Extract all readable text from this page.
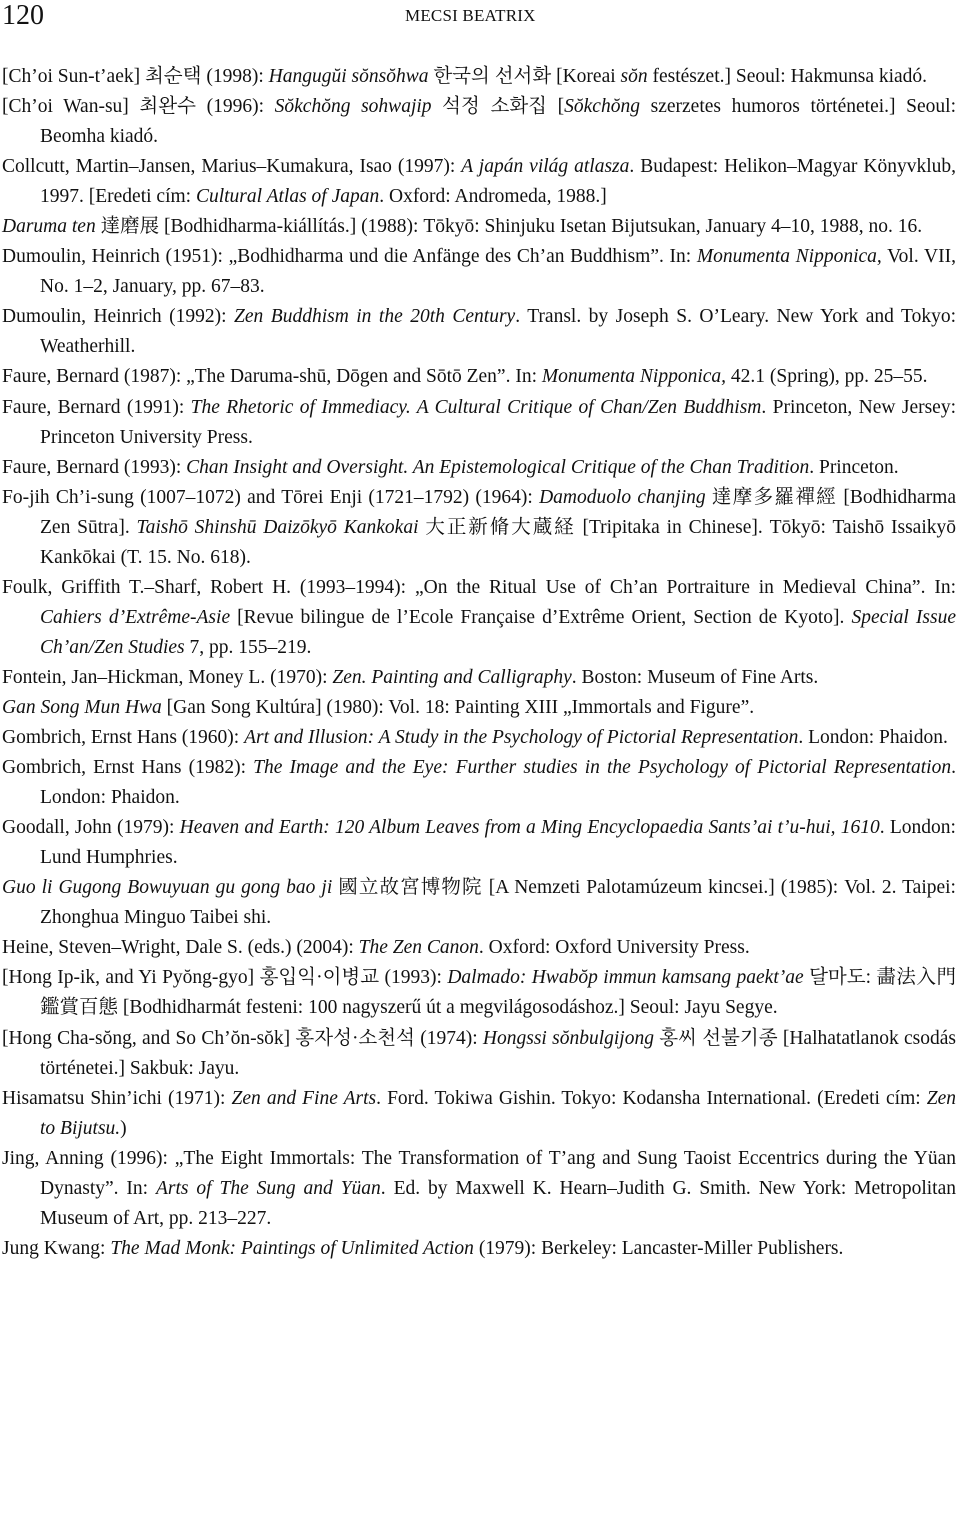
120	MECSI BEATRIX
[Ch’oi Sun-t’aek] 최순택 (1998): Hangugŭi sŏnsŏhwa 한국의 선서화 [Koreai sŏn festészet.] Seoul: Hakmunsa kiadó.
[Ch’oi Wan-su] 최완수 (1996): Sŏkchŏng sohwajip 석정 소화집 [Sŏkchŏng szerzetes humoros történetei.] Seoul: Beomha kiadó.
Collcutt, Martin–Jansen, Marius–Kumakura, Isao (1997): A japán világ atlasza. Budapest: Helikon–Magyar Könyvklub, 1997. [Eredeti cím: Cultural Atlas of Japan. Oxford: Andromeda, 1988.]
Daruma ten 達磨展 [Bodhidharma-kiállítás.] (1988): Tōkyō: Shinjuku Isetan Bijutsukan, January 4–10, 1988, no. 16.
Dumoulin, Heinrich (1951): „Bodhidharma und die Anfänge des Ch’an Buddhism”. In: Monumenta Nipponica, Vol. VII, No. 1–2, January, pp. 67–83.
Dumoulin, Heinrich (1992): Zen Buddhism in the 20th Century. Transl. by Joseph S. O’Leary. New York and Tokyo: Weatherhill.
Faure, Bernard (1987): „The Daruma-shū, Dōgen and Sōtō Zen”. In: Monumenta Nipponica, 42.1 (Spring), pp. 25–55.
Faure, Bernard (1991): The Rhetoric of Immediacy. A Cultural Critique of Chan/Zen Buddhism. Princeton, New Jersey: Princeton University Press.
Faure, Bernard (1993): Chan Insight and Oversight. An Epistemological Critique of the Chan Tradition. Princeton.
Fo-jih Ch’i-sung (1007–1072) and Tōrei Enji (1721–1792) (1964): Damoduolo chanjing 達摩多羅禪經 [Bodhidharma Zen Sūtra]. Taishō Shinshū Daizōkyō Kankokai 大正新脩大蔵経 [Tripitaka in Chinese]. Tōkyō: Taishō Issaikyō Kankōkai (T. 15. No. 618).
Foulk, Griffith T.–Sharf, Robert H. (1993–1994): „On the Ritual Use of Ch’an Portraiture in Medieval China”. In: Cahiers d’Extrême-Asie [Revue bilingue de l’Ecole Française d’Extrême Orient, Section de Kyoto]. Special Issue Ch’an/Zen Studies 7, pp. 155–219.
Fontein, Jan–Hickman, Money L. (1970): Zen. Painting and Calligraphy. Boston: Museum of Fine Arts.
Gan Song Mun Hwa [Gan Song Kultúra] (1980): Vol. 18: Painting XIII „Immortals and Figure”.
Gombrich, Ernst Hans (1960): Art and Illusion: A Study in the Psychology of Pictorial Representation. London: Phaidon.
Gombrich, Ernst Hans (1982): The Image and the Eye: Further studies in the Psychology of Pictorial Representation. London: Phaidon.
Goodall, John (1979): Heaven and Earth: 120 Album Leaves from a Ming Encyclopaedia Sants’ai t’u-hui, 1610. London: Lund Humphries.
Guo li Gugong Bowuyuan gu gong bao ji 國立故宮博物院 [A Nemzeti Palotamúzeum kincsei.] (1985): Vol. 2. Taipei: Zhonghua Minguo Taibei shi.
Heine, Steven–Wright, Dale S. (eds.) (2004): The Zen Canon. Oxford: Oxford University Press.
[Hong Ip-ik, and Yi Pyŏng-gyo] 홍입익·이병교 (1993): Dalmado: Hwabŏp immun kamsang paekt’ae 달마도: 畵法入門 鑑賞百態 [Bodhidharmát festeni: 100 nagyszerű út a megvilágosodáshoz.] Seoul: Jayu Segye.
[Hong Cha-sŏng, and So Ch’ŏn-sŏk] 홍자성·소천석 (1974): Hongssi sŏnbulgijong 홍씨 선불기종 [Halhatatlanok csodás történetei.] Sakbuk: Jayu.
Hisamatsu Shin’ichi (1971): Zen and Fine Arts. Ford. Tokiwa Gishin. Tokyo: Kodansha International. (Eredeti cím: Zen to Bijutsu.)
Jing, Anning (1996): „The Eight Immortals: The Transformation of T’ang and Sung Taoist Eccentrics during the Yüan Dynasty”. In: Arts of The Sung and Yüan. Ed. by Maxwell K. Hearn–Judith G. Smith. New York: Metropolitan Museum of Art, pp. 213–227.
Jung Kwang: The Mad Monk: Paintings of Unlimited Action (1979): Berkeley: Lancaster-Miller Publishers.
